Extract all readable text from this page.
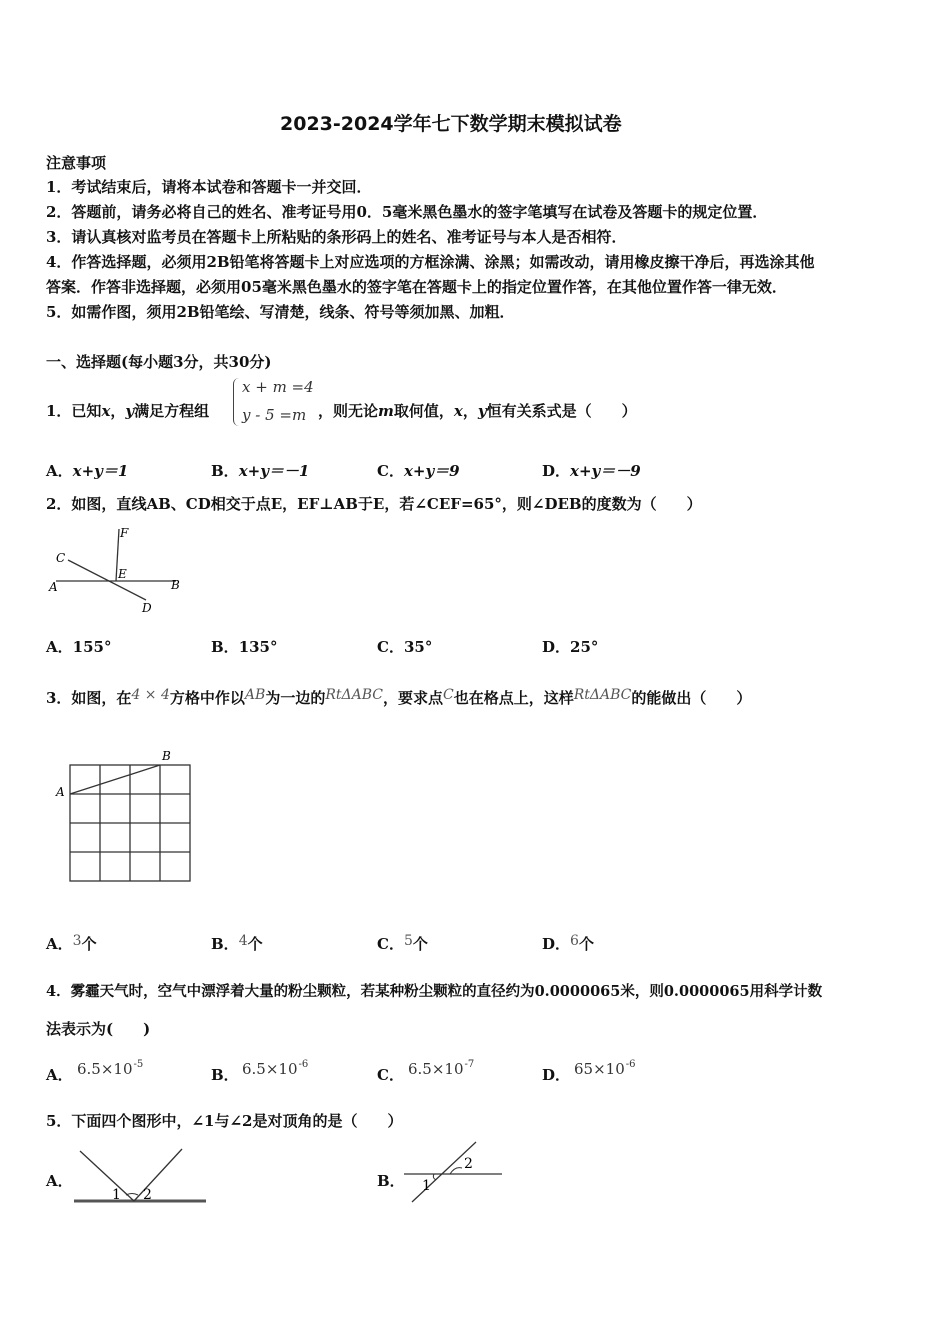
2023-2024学年七下数学期末模拟试卷
注意事项
1．考试结束后，请将本试卷和答题卡一并交回．
2．答题前，请务必将自己的姓名、准考证号用0．5毫米黑色墨水的签字笔填写在试卷及答题卡的规定位置．
3．请认真核对监考员在答题卡上所粘贴的条形码上的姓名、准考证号与本人是否相符．
4．作答选择题，必须用2B铅笔将答题卡上对应选项的方框涂满、涂黑；如需改动，请用橡皮擦干净后，再选涂其他
答案．作答非选择题，必须用05毫米黑色墨水的签字笔在答题卡上的指定位置作答，在其他位置作答一律无效．
5．如需作图，须用2B铅笔绘、写清楚，线条、符号等须加黑、加粗．
一、选择题(每小题3分，共30分)
1．已知x，y满足方程组
x + m =4
y - 5 =m ，则无论m取何值，x，y恒有关系式是（　　）
A．x+y＝1	B．x+y＝－1	C．x+y＝9	D．x+y＝－9
2．如图，直线AB、CD相交于点E，EF⊥AB于E，若∠CEF=65°，则∠DEB的度数为（　　）
C
F
E
A	B
D
A．155°	B．135°	C．35°	D．25°
3．如图，在4 × 4方格中作以AB为一边的RtΔABC，要求点C也在格点上，这样RtΔABC的能做出（　　）
A
B
A．3个	B．4个	C．5个	D．6个
4．雾霾天气时，空气中漂浮着大量的粉尘颗粒，若某种粉尘颗粒的直径约为0.0000065米，则0.0000065用科学计数
法表示为(　　)
A． $6.5\times 10^{-5}$
B． $6.5\times 10^{-6}$
C． $6.5\times 10^{-7}$
D． $65\times 10^{-6}$
5．下面四个图形中，∠1与∠2是对顶角的是（　　）
A．
1 2
B． 1
2
